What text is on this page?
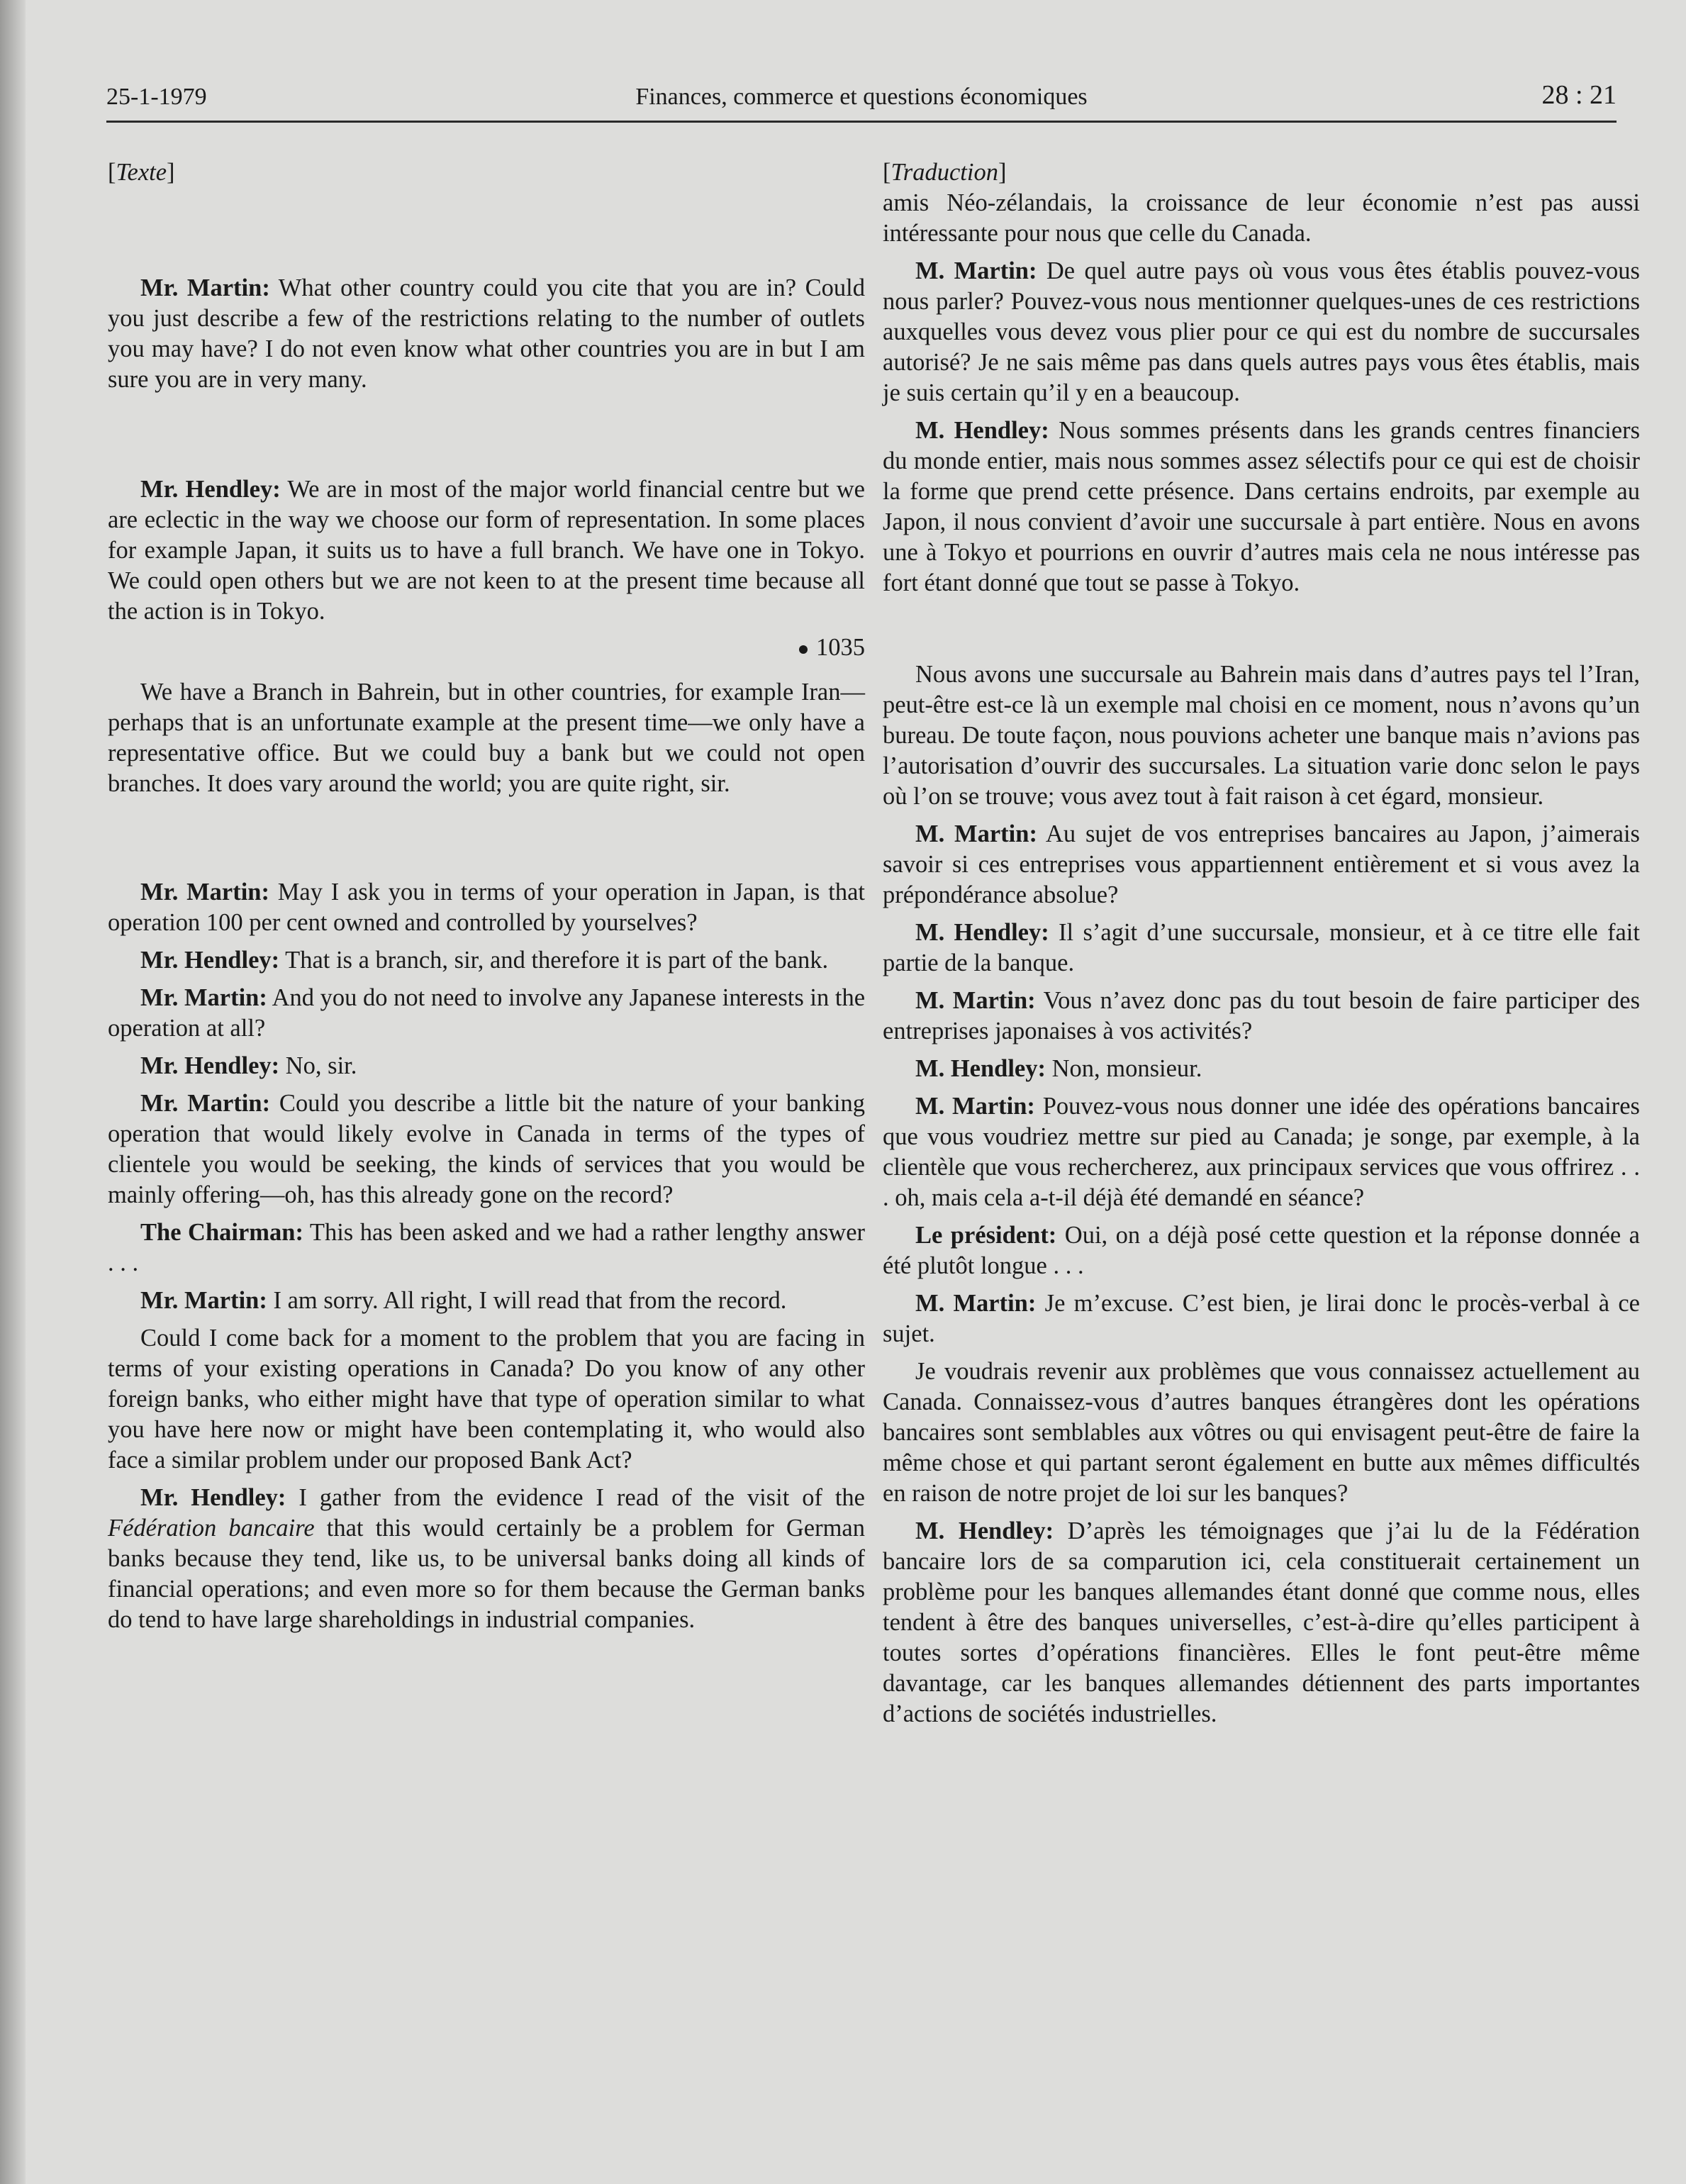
25-1-1979	Finances, commerce et questions économiques	28 : 21

[Texte]

Mr. Martin: What other country could you cite that you are in? Could you just describe a few of the restrictions relating to the number of outlets you may have? I do not even know what other countries you are in but I am sure you are in very many.

Mr. Hendley: We are in most of the major world financial centre but we are eclectic in the way we choose our form of representation. In some places for example Japan, it suits us to have a full branch. We have one in Tokyo. We could open others but we are not keen to at the present time because all the action is in Tokyo.

1035

We have a Branch in Bahrein, but in other countries, for example Iran—perhaps that is an unfortunate example at the present time—we only have a representative office. But we could buy a bank but we could not open branches. It does vary around the world; you are quite right, sir.

Mr. Martin: May I ask you in terms of your operation in Japan, is that operation 100 per cent owned and controlled by yourselves?

Mr. Hendley: That is a branch, sir, and therefore it is part of the bank.

Mr. Martin: And you do not need to involve any Japanese interests in the operation at all?

Mr. Hendley: No, sir.

Mr. Martin: Could you describe a little bit the nature of your banking operation that would likely evolve in Canada in terms of the types of clientele you would be seeking, the kinds of services that you would be mainly offering—oh, has this already gone on the record?

The Chairman: This has been asked and we had a rather lengthy answer . . .

Mr. Martin: I am sorry. All right, I will read that from the record.

Could I come back for a moment to the problem that you are facing in terms of your existing operations in Canada? Do you know of any other foreign banks, who either might have that type of operation similar to what you have here now or might have been contemplating it, who would also face a similar problem under our proposed Bank Act?

Mr. Hendley: I gather from the evidence I read of the visit of the Fédération bancaire that this would certainly be a problem for German banks because they tend, like us, to be universal banks doing all kinds of financial operations; and even more so for them because the German banks do tend to have large shareholdings in industrial companies.

[Traduction]

amis Néo-zélandais, la croissance de leur économie n’est pas aussi intéressante pour nous que celle du Canada.

M. Martin: De quel autre pays où vous vous êtes établis pouvez-vous nous parler? Pouvez-vous nous mentionner quelques-unes de ces restrictions auxquelles vous devez vous plier pour ce qui est du nombre de succursales autorisé? Je ne sais même pas dans quels autres pays vous êtes établis, mais je suis certain qu’il y en a beaucoup.

M. Hendley: Nous sommes présents dans les grands centres financiers du monde entier, mais nous sommes assez sélectifs pour ce qui est de choisir la forme que prend cette présence. Dans certains endroits, par exemple au Japon, il nous convient d’avoir une succursale à part entière. Nous en avons une à Tokyo et pourrions en ouvrir d’autres mais cela ne nous intéresse pas fort étant donné que tout se passe à Tokyo.

Nous avons une succursale au Bahrein mais dans d’autres pays tel l’Iran, peut-être est-ce là un exemple mal choisi en ce moment, nous n’avons qu’un bureau. De toute façon, nous pouvions acheter une banque mais n’avions pas l’autorisation d’ouvrir des succursales. La situation varie donc selon le pays où l’on se trouve; vous avez tout à fait raison à cet égard, monsieur.

M. Martin: Au sujet de vos entreprises bancaires au Japon, j’aimerais savoir si ces entreprises vous appartiennent entièrement et si vous avez la prépondérance absolue?

M. Hendley: Il s’agit d’une succursale, monsieur, et à ce titre elle fait partie de la banque.

M. Martin: Vous n’avez donc pas du tout besoin de faire participer des entreprises japonaises à vos activités?

M. Hendley: Non, monsieur.

M. Martin: Pouvez-vous nous donner une idée des opérations bancaires que vous voudriez mettre sur pied au Canada; je songe, par exemple, à la clientèle que vous rechercherez, aux principaux services que vous offrirez . . . oh, mais cela a-t-il déjà été demandé en séance?

Le président: Oui, on a déjà posé cette question et la réponse donnée a été plutôt longue . . .

M. Martin: Je m’excuse. C’est bien, je lirai donc le procès-verbal à ce sujet.

Je voudrais revenir aux problèmes que vous connaissez actuellement au Canada. Connaissez-vous d’autres banques étrangères dont les opérations bancaires sont semblables aux vôtres ou qui envisagent peut-être de faire la même chose et qui partant seront également en butte aux mêmes difficultés en raison de notre projet de loi sur les banques?

M. Hendley: D’après les témoignages que j’ai lu de la Fédération bancaire lors de sa comparution ici, cela constituerait certainement un problème pour les banques allemandes étant donné que comme nous, elles tendent à être des banques universelles, c’est-à-dire qu’elles participent à toutes sortes d’opérations financières. Elles le font peut-être même davantage, car les banques allemandes détiennent des parts importantes d’actions de sociétés industrielles.
